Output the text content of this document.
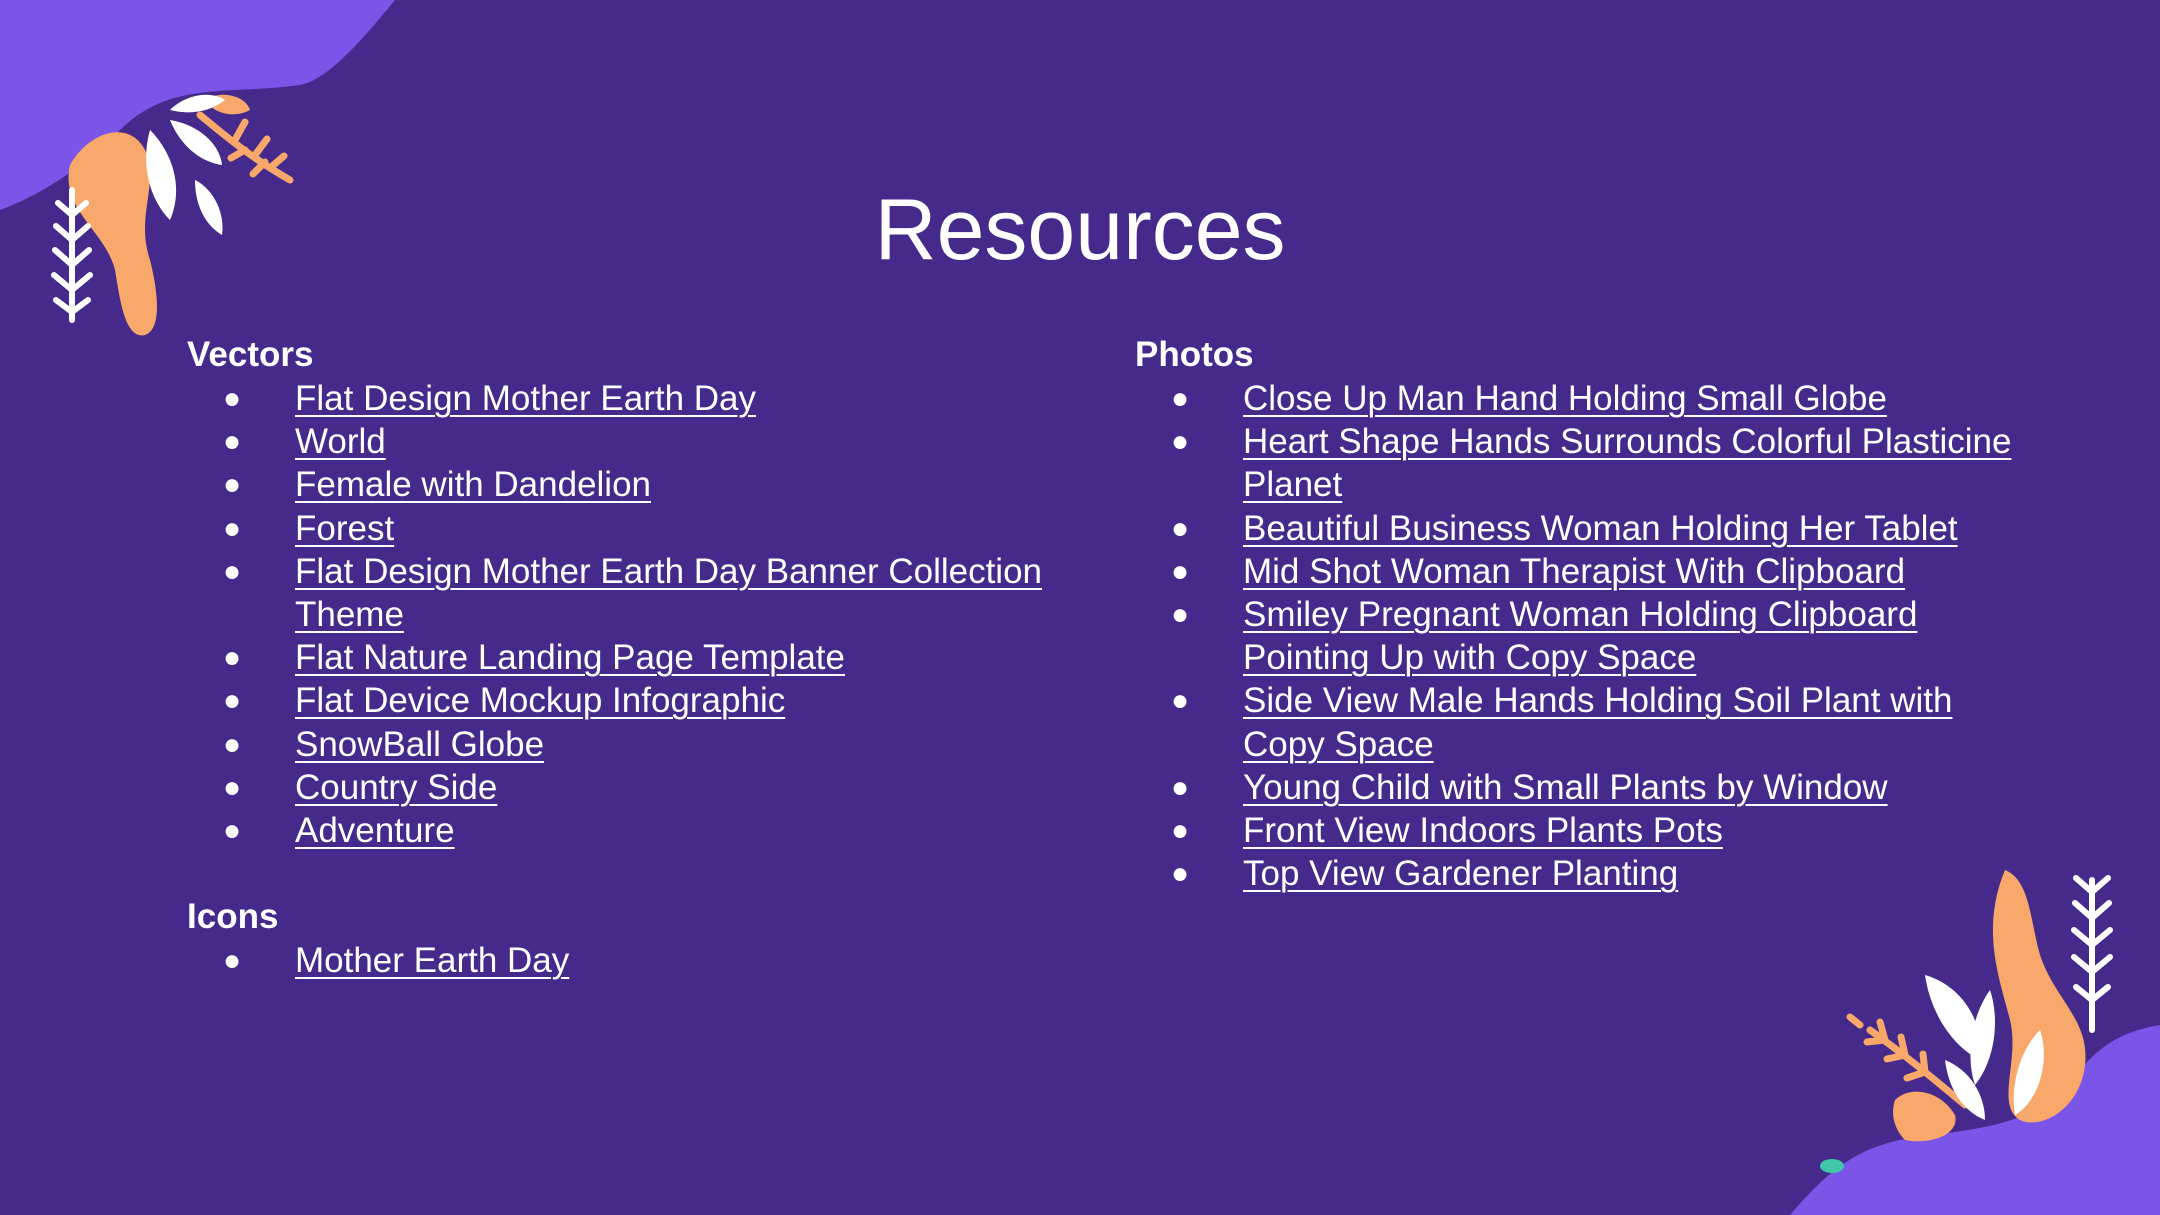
Resources
Vectors
● Flat Design Mother Earth Day
● World
● Female with Dandelion
● Forest
● Flat Design Mother Earth Day Banner Collection Theme
● Flat Nature Landing Page Template
● Flat Device Mockup Infographic
● SnowBall Globe
● Country Side
● Adventure
Icons
● Mother Earth Day
Photos
● Close Up Man Hand Holding Small Globe
● Heart Shape Hands Surrounds Colorful Plasticine Planet
● Beautiful Business Woman Holding Her Tablet
● Mid Shot Woman Therapist With Clipboard
● Smiley Pregnant Woman Holding Clipboard Pointing Up with Copy Space
● Side View Male Hands Holding Soil Plant with Copy Space
● Young Child with Small Plants by Window
● Front View Indoors Plants Pots
● Top View Gardener Planting
